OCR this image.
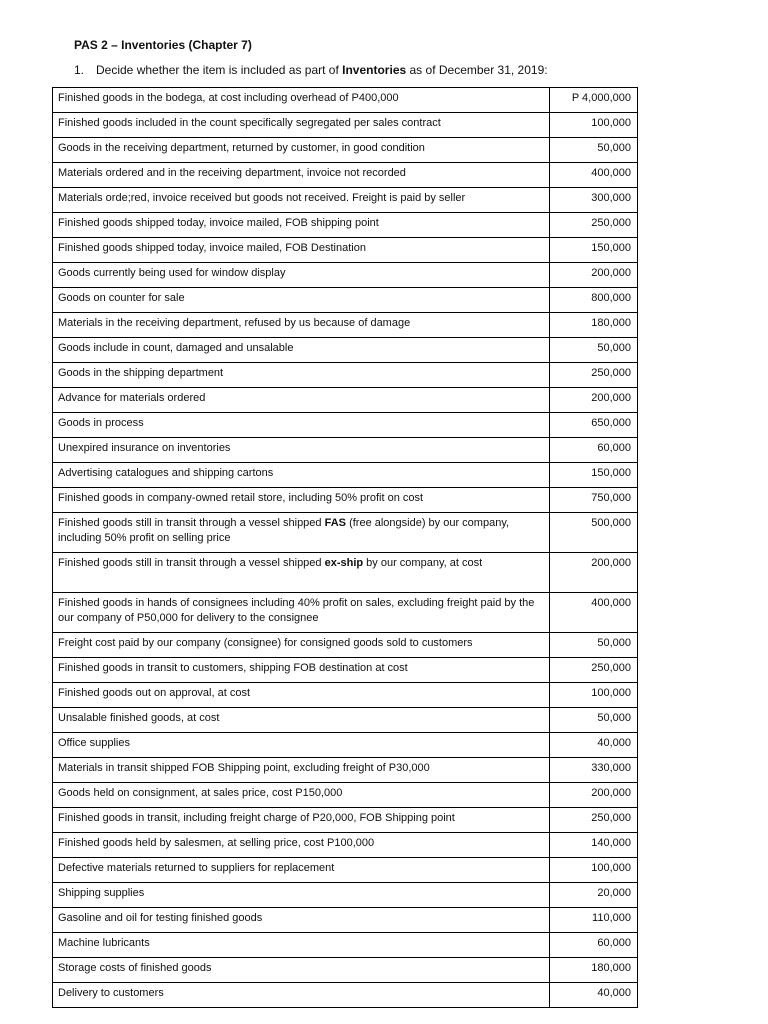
PAS 2 – Inventories (Chapter 7)

1. Decide whether the item is included as part of Inventories as of December 31, 2019:

Finished goods in the bodega, at cost including overhead of P400,000	P 4,000,000
Finished goods included in the count specifically segregated per sales contract	100,000
Goods in the receiving department, returned by customer, in good condition	50,000
Materials ordered and in the receiving department, invoice not recorded	400,000
Materials orde;red, invoice received but goods not received. Freight is paid by seller	300,000
Finished goods shipped today, invoice mailed, FOB shipping point	250,000
Finished goods shipped today, invoice mailed, FOB Destination	150,000
Goods currently being used for window display	200,000
Goods on counter for sale	800,000
Materials in the receiving department, refused by us because of damage	180,000
Goods include in count, damaged and unsalable	50,000
Goods in the shipping department	250,000
Advance for materials ordered	200,000
Goods in process	650,000
Unexpired insurance on inventories	60,000
Advertising catalogues and shipping cartons	150,000
Finished goods in company-owned retail store, including 50% profit on cost	750,000
Finished goods still in transit through a vessel shipped FAS (free alongside) by our company, including 50% profit on selling price	500,000
Finished goods still in transit through a vessel shipped ex-ship by our company, at cost	200,000
Finished goods in hands of consignees including 40% profit on sales, excluding freight paid by the our company of P50,000 for delivery to the consignee	400,000
Freight cost paid by our company (consignee) for consigned goods sold to customers	50,000
Finished goods in transit to customers, shipping FOB destination at cost	250,000
Finished goods out on approval, at cost	100,000
Unsalable finished goods, at cost	50,000
Office supplies	40,000
Materials in transit shipped FOB Shipping point, excluding freight of P30,000	330,000
Goods held on consignment, at sales price, cost P150,000	200,000
Finished goods in transit, including freight charge of P20,000, FOB Shipping point	250,000
Finished goods held by salesmen, at selling price, cost P100,000	140,000
Defective materials returned to suppliers for replacement	100,000
Shipping supplies	20,000
Gasoline and oil for testing finished goods	110,000
Machine lubricants	60,000
Storage costs of finished goods	180,000
Delivery to customers	40,000
